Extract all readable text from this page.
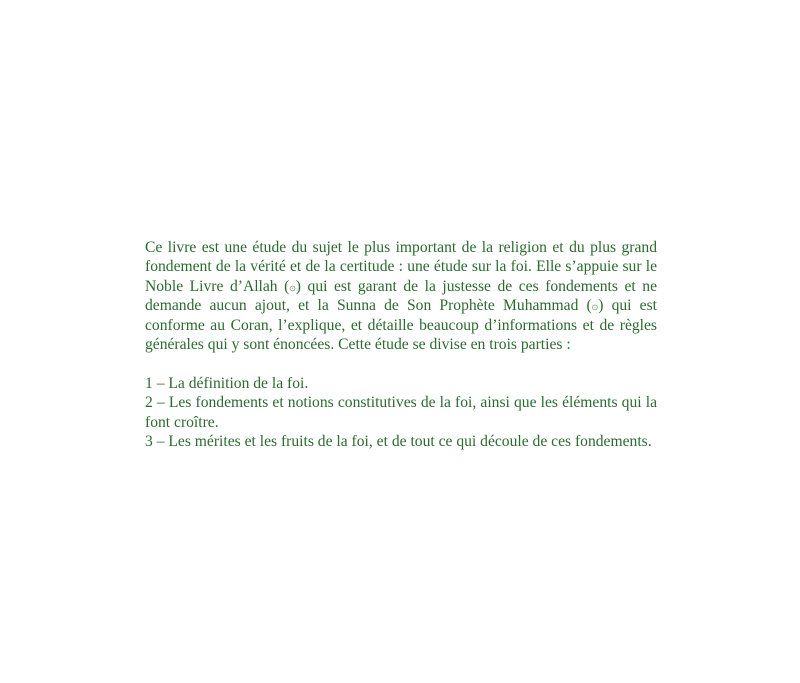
Ce livre est une étude du sujet le plus important de la religion et du plus grand fondement de la vérité et de la certitude : une étude sur la foi. Elle s’appuie sur le Noble Livre d’Allah (۞) qui est garant de la justesse de ces fondements et ne demande aucun ajout, et la Sunna de Son Prophète Muhammad (۞) qui est conforme au Coran, l’explique, et détaille beaucoup d’informations et de règles générales qui y sont énoncées. Cette étude se divise en trois parties :

1 – La définition de la foi.
2 – Les fondements et notions constitutives de la foi, ainsi que les éléments qui la font croître.
3 – Les mérites et les fruits de la foi, et de tout ce qui découle de ces fondements.
